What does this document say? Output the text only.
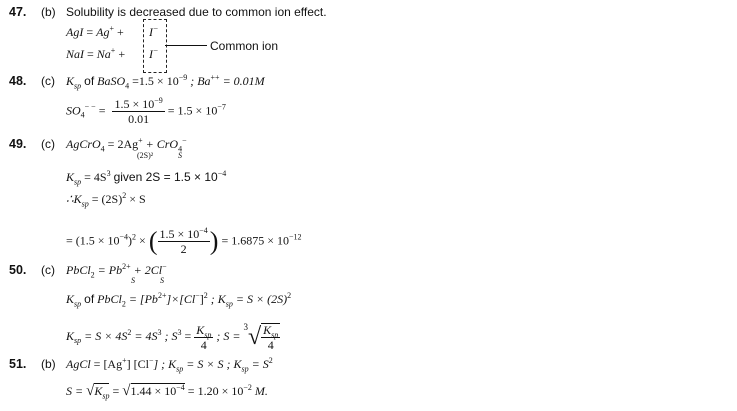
47. (b) Solubility is decreased due to common ion effect.
AgI = Ag+ + I−
NaI = Na+ + I−	Common ion
48. (c) $K_{sp}$ of BaSO$_4$ $=1.5 \times 10^{-9}$ ; Ba++ = 0.01M
$SO_4^{- -} = \frac{1.5 \times 10^{-9}}{0.01} = 1.5 \times 10^{-7}$
49. (c) AgCrO$_4$ = 2Ag+ + CrO$_4$−
(2S)²	S
$K_{sp} = 4S^3$ given $2S = 1.5 \times 10^{-4}$
$\therefore K_{sp} = (2S)^2 \times S$
= $(1.5 \times 10^{-4})^2$ × ( $\frac{1.5 \times 10^{-4}}{2}$ ) = $1.6875 \times 10^{-12}$
50. (c) PbCl$_2$ = $Pb^{2+} + 2Cl^-$
S	S
$K_{sp}$ of PbCl$_2$ = $[Pb^{2+}]\times[Cl^-]^2$ ; $K_{sp} = S \times (2S)^2$
$K_{sp} = S \times 4S^2 = 4S^3$ ; $S^3 = \frac{K_{sp}}{4}$ ; $S = ^3√ \frac{K_{sp}}{4}$
51. (b) AgCl = [Ag+] [Cl−] ; $K_{sp} = S \times S$ ; $K_{sp} = S^2$
$S = √K_{sp} = √1.44 \times 10^{-4} = 1.20 \times 10^{-2}$ M.
